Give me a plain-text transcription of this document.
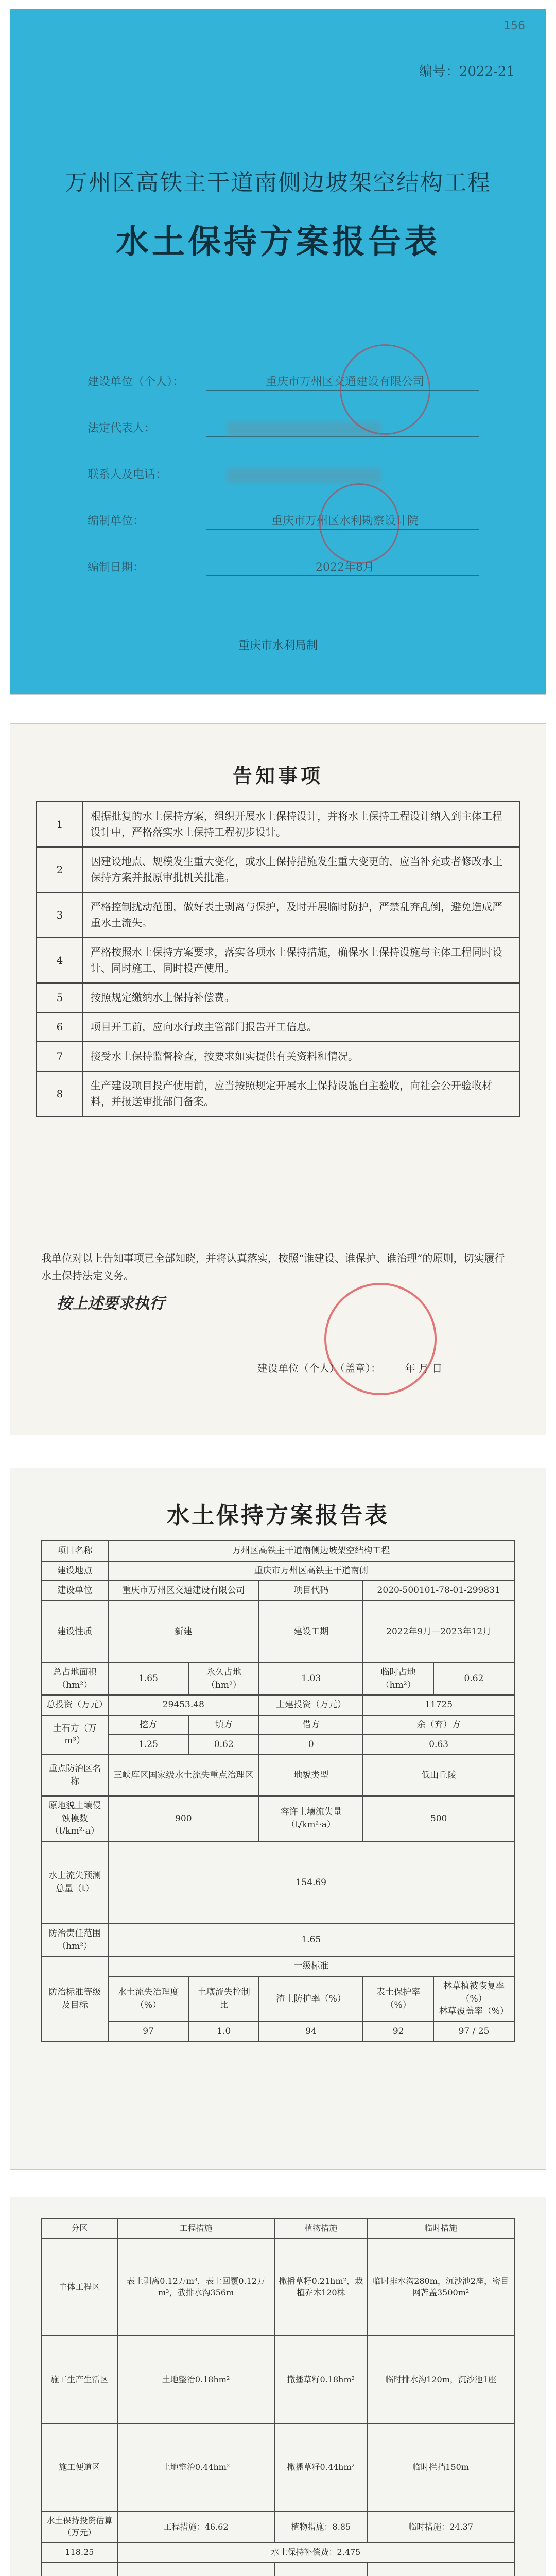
156
编号：2022-21
万州区高铁主干道南侧边坡架空结构工程
水土保持方案报告表
建设单位（个人）：	重庆市万州区交通建设有限公司
法定代表人：
联系人及电话：
编制单位：	重庆市万州区水利勘察设计院
编制日期：	2022年8月
重庆市水利局制
告知事项
1	根据批复的水土保持方案，组织开展水土保持设计，并将水土保持工程设计纳入到主体工程设计中，严格落实水土保持工程初步设计。
2	因建设地点、规模发生重大变化，或水土保持措施发生重大变更的，应当补充或者修改水土保持方案并报原审批机关批准。
3	严格控制扰动范围，做好表土剥离与保护，及时开展临时防护，严禁乱弃乱倒，避免造成严重水土流失。
4	严格按照水土保持方案要求，落实各项水土保持措施，确保水土保持设施与主体工程同时设计、同时施工、同时投产使用。
5	按照规定缴纳水土保持补偿费。
6	项目开工前，应向水行政主管部门报告开工信息。
7	接受水土保持监督检查，按要求如实提供有关资料和情况。
8	生产建设项目投产使用前，应当按照规定开展水土保持设施自主验收，向社会公开验收材料，并报送审批部门备案。
我单位对以上告知事项已全部知晓，并将认真落实，按照“谁建设、谁保护、谁治理”的原则，切实履行水土保持法定义务。
按上述要求执行
建设单位（个人）（盖章）： 年 月 日
水土保持方案报告表
项目名称	万州区高铁主干道南侧边坡架空结构工程				
建设地点	重庆市万州区高铁主干道南侧				
建设单位	重庆市万州区交通建设有限公司		项目代码	2020-500101-78-01-299831	
建设性质	新建		建设工期	2022年9月—2023年12月	
总占地面积（hm²）	1.65	永久占地（hm²）	1.03	临时占地（hm²）	0.62
总投资（万元）	29453.48		土建投资（万元）	11725	
土石方（万m³）	挖方	填方	借方	余（弃）方	
	1.25	0.62	0	0.63	
重点防治区名称	三峡库区国家级水土流失重点治理区		地貌类型	低山丘陵	
原地貌土壤侵蚀模数（t/km²·a）	900		容许土壤流失量（t/km²·a）	500	
水土流失预测总量（t）	154.69				
防治责任范围（hm²）	1.65				
防治标准等级及目标	一级标准				
	水土流失治理度（%）	土壤流失控制比	渣土防护率（%）	表土保护率（%）	林草植被恢复率（%）
林草覆盖率（%）
	97	1.0	94	92	97 / 25
分区	工程措施	植物措施	临时措施
主体工程区	表土剥离0.12万m³，表土回覆0.12万m³，截排水沟356m	撒播草籽0.21hm²，栽植乔木120株	临时排水沟280m，沉沙池2座，密目网苫盖3500m²
施工生产生活区	土地整治0.18hm²	撒播草籽0.18hm²	临时排水沟120m，沉沙池1座
施工便道区	土地整治0.44hm²	撒播草籽0.44hm²	临时拦挡150m
水土保持投资估算（万元）	工程措施：46.62	植物措施：8.85	临时措施：24.37
118.25	水土保持补偿费：2.475		
